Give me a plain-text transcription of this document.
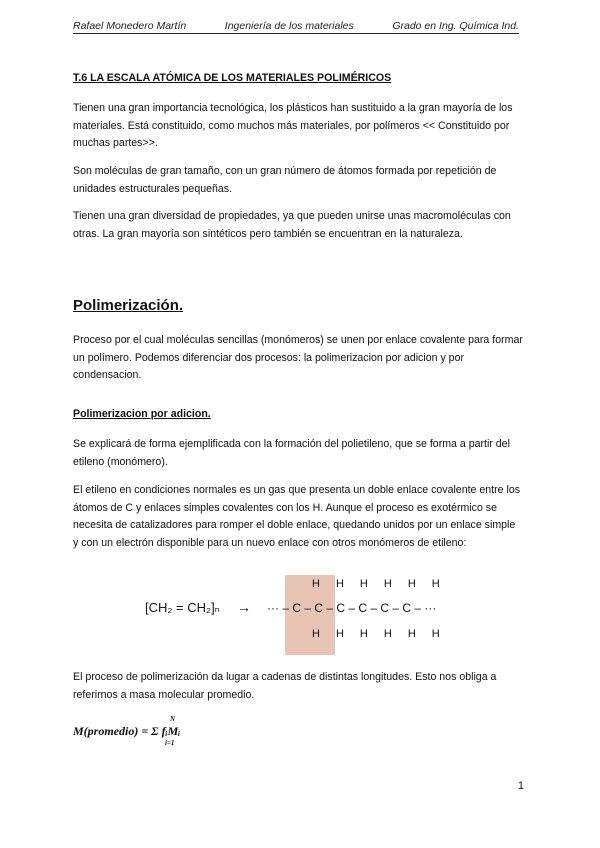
Rafael Monedero Martín	Ingeniería de los materiales	Grado en Ing. Química Ind.
T.6 LA ESCALA ATÓMICA DE LOS MATERIALES POLIMÉRICOS
Tienen una gran importancia tecnológica, los plásticos han sustituido a la gran mayoría de los materiales. Está constituido, como muchos más materiales, por polímeros << Constituido por muchas partes>>.
Son moléculas de gran tamaño, con un gran número de átomos formada por repetición de unidades estructurales pequeñas.
Tienen una gran diversidad de propiedades, ya que pueden unirse unas macromoléculas con otras. La gran mayoría son sintéticos pero también se encuentran en la naturaleza.
Polimerización.
Proceso por el cual moléculas sencillas (monómeros) se unen por enlace covalente para formar un polímero. Podemos diferenciar dos procesos: la polimerizacion por adicion y por condensacion.
Polimerizacion por adicion.
Se explicará de forma ejemplificada con la formación del polietileno, que se forma a partir del etileno (monómero).
El etileno en condiciones normales es un gas que presenta un doble enlace covalente entre los átomos de C y enlaces simples covalentes con los H. Aunque el proceso es exotérmico se necesita de catalizadores para romper el doble enlace, quedando unidos por un enlace simple y con un electrón disponible para un nuevo enlace con otros monómeros de etileno:
[CH₂ = CH₂]ₙ → ··· – C – C – C – C – C – C – ···
H H H H H H
H H H H H H
El proceso de polimerización da lugar a cadenas de distintas longitudes. Esto nos obliga a referirnos a masa molecular promedio.
M(promedio) = Σ fᵢMᵢ
N
i=1
1
